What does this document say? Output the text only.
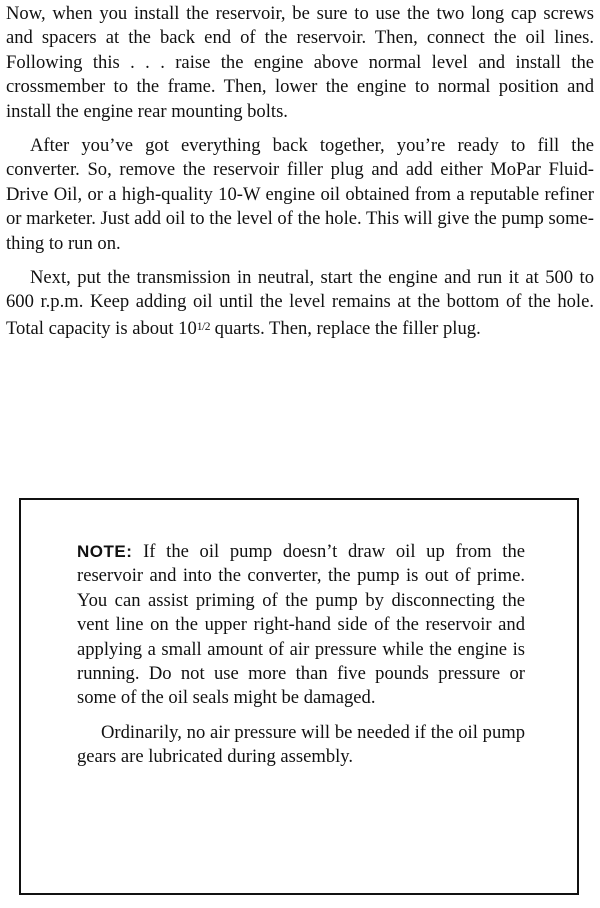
Now, when you install the reservoir, be sure to use the two long cap screws and spacers at the back end of the reservoir. Then, connect the oil lines. Following this . . . raise the engine above normal level and install the crossmember to the frame. Then, lower the engine to normal position and install the engine rear mounting bolts.

After you’ve got everything back together, you’re ready to fill the converter. So, remove the reservoir filler plug and add either MoPar Fluid-Drive Oil, or a high-quality 10-W engine oil obtained from a reputable refiner or marketer. Just add oil to the level of the hole. This will give the pump something to run on.

Next, put the transmission in neutral, start the engine and run it at 500 to 600 r.p.m. Keep adding oil until the level remains at the bottom of the hole. Total capacity is about $10^{1/2}$ quarts. Then, replace the filler plug.

NOTE: If the oil pump doesn’t draw oil up from the reservoir and into the converter, the pump is out of prime. You can assist priming of the pump by disconnecting the vent line on the upper right-hand side of the reservoir and applying a small amount of air pressure while the engine is running. Do not use more than five pounds pressure or some of the oil seals might be damaged.

Ordinarily, no air pressure will be needed if the oil pump gears are lubricated during assembly.
